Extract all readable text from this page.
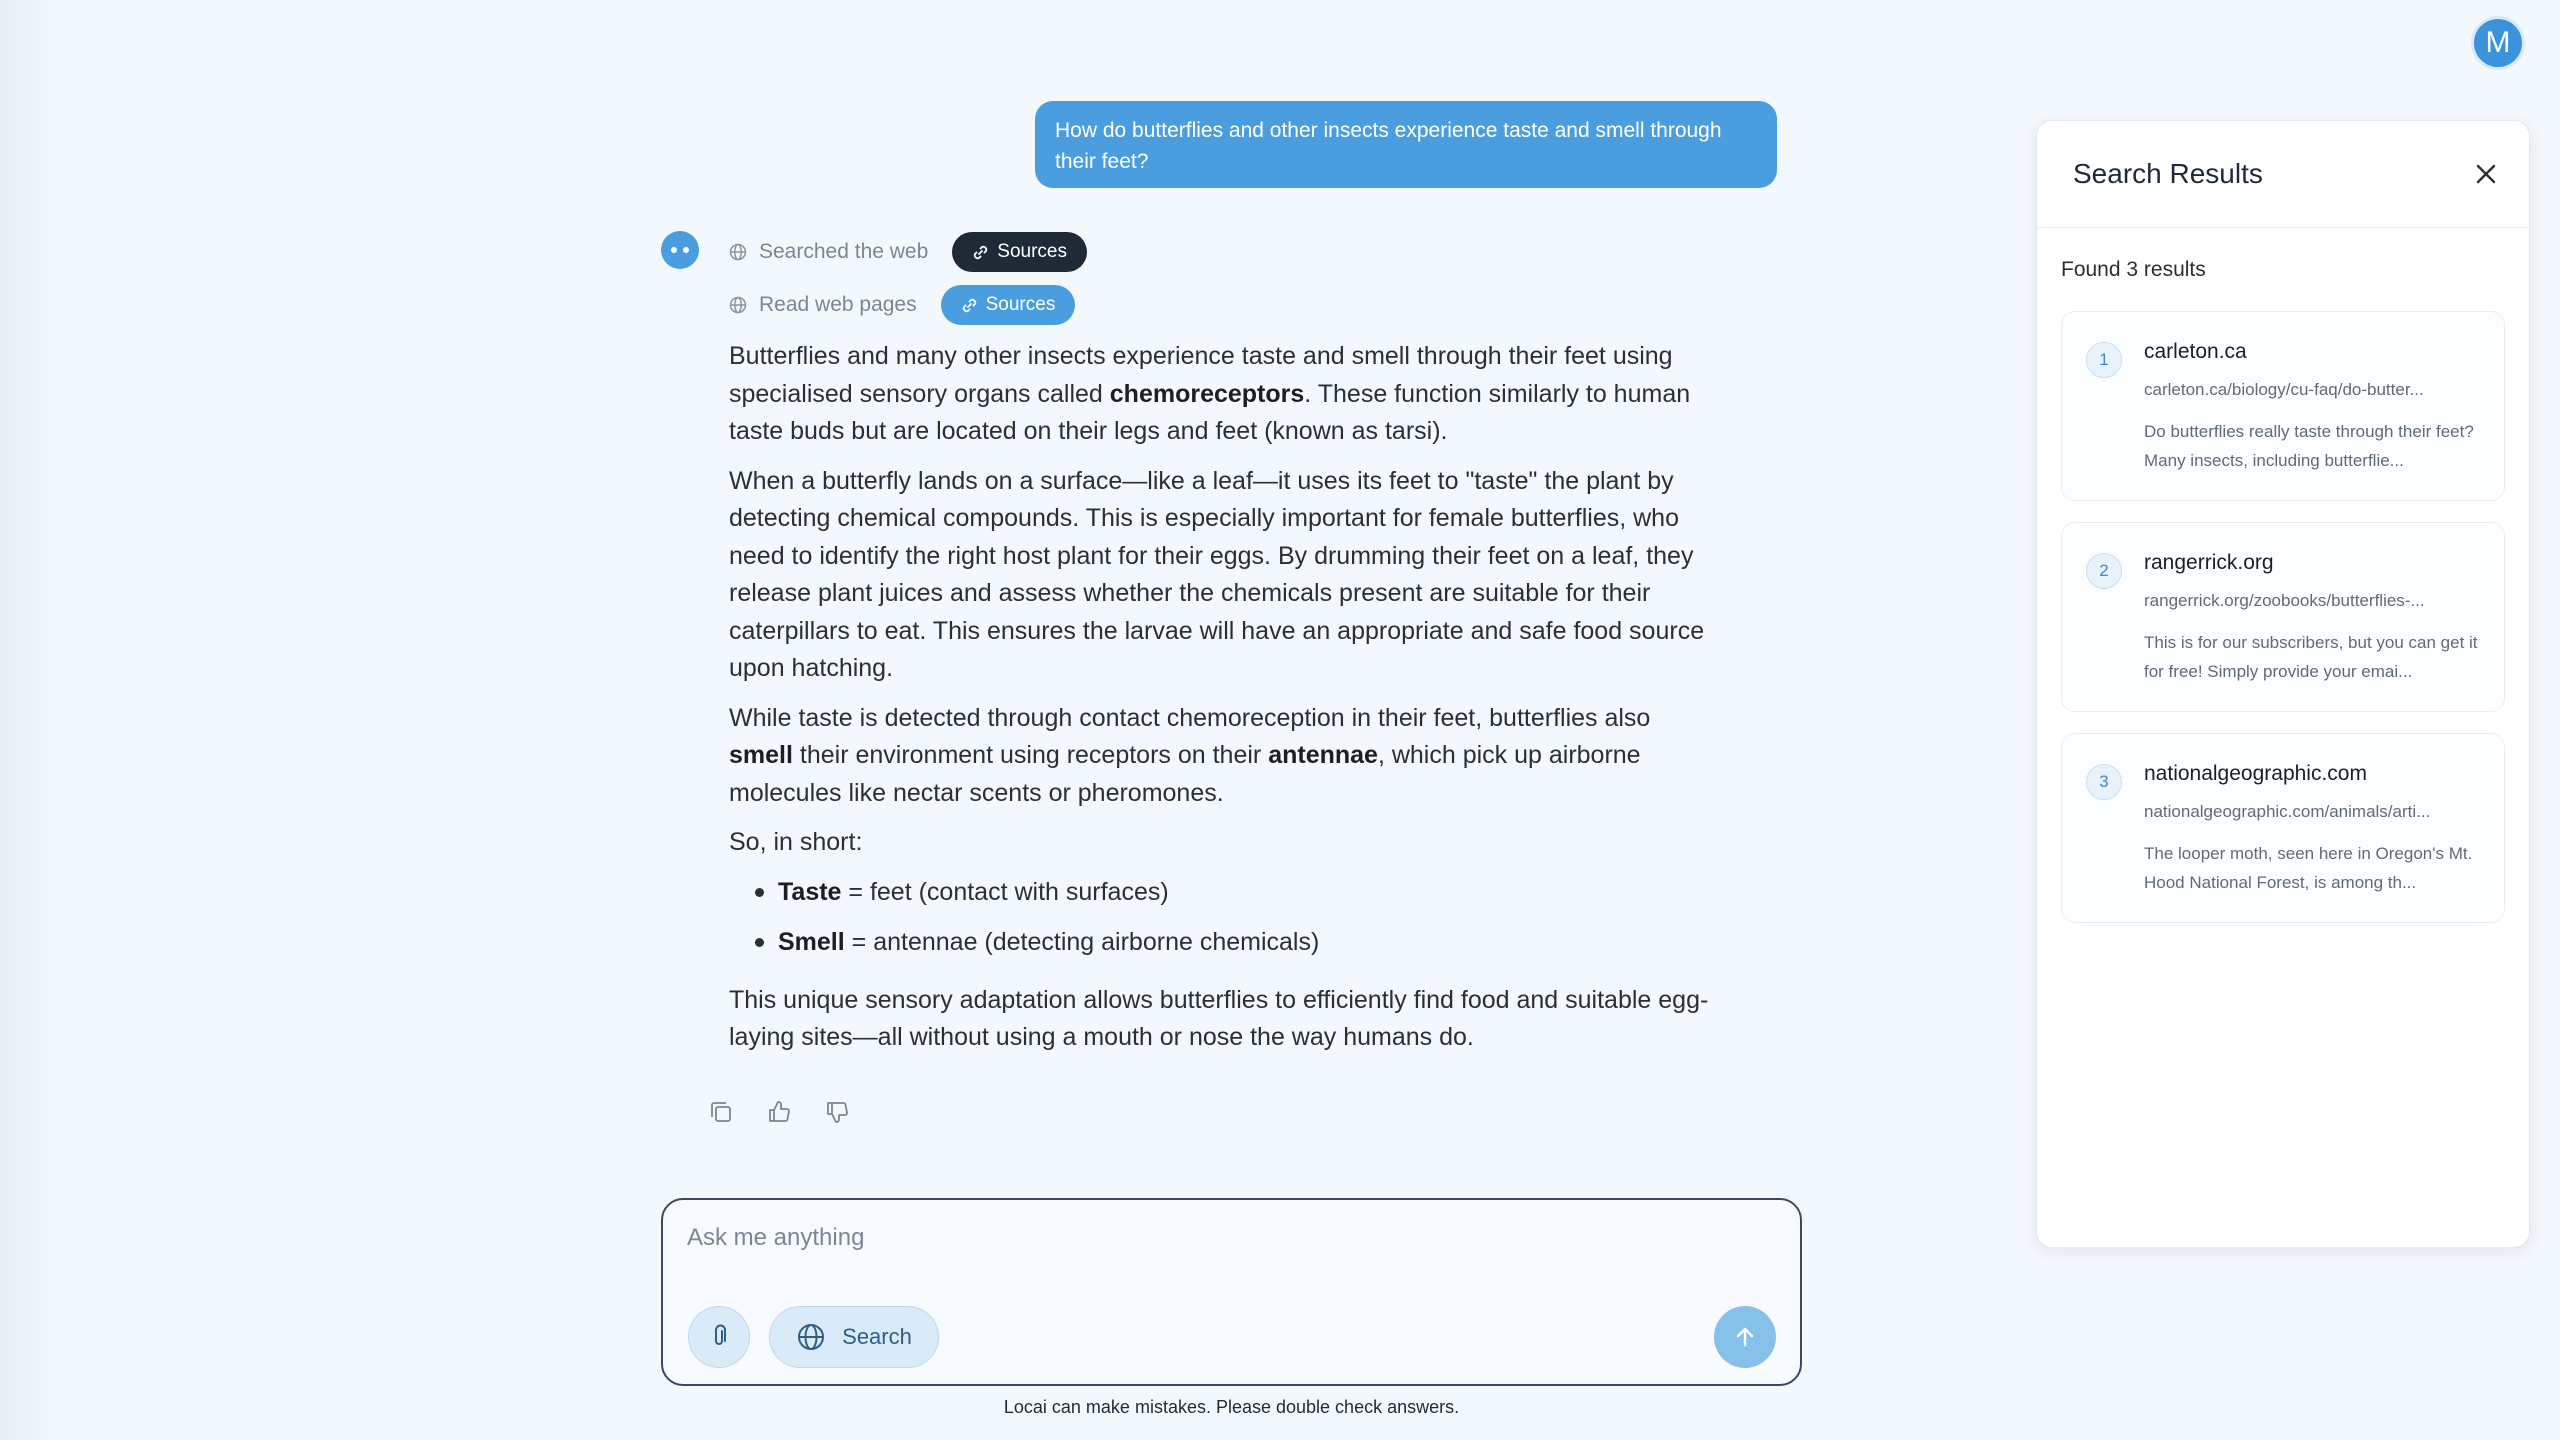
M
How do butterflies and other insects experience taste and smell through their feet?
Searched the web	Sources
Read web pages	Sources

Butterflies and many other insects experience taste and smell through their feet using specialised sensory organs called chemoreceptors. These function similarly to human taste buds but are located on their legs and feet (known as tarsi).

When a butterfly lands on a surface—like a leaf—it uses its feet to "taste" the plant by detecting chemical compounds. This is especially important for female butterflies, who need to identify the right host plant for their eggs. By drumming their feet on a leaf, they release plant juices and assess whether the chemicals present are suitable for their caterpillars to eat. This ensures the larvae will have an appropriate and safe food source upon hatching.

While taste is detected through contact chemoreception in their feet, butterflies also smell their environment using receptors on their antennae, which pick up airborne molecules like nectar scents or pheromones.

So, in short:

Taste = feet (contact with surfaces)
Smell = antennae (detecting airborne chemicals)

This unique sensory adaptation allows butterflies to efficiently find food and suitable egg-laying sites—all without using a mouth or nose the way humans do.

Ask me anything
Search
Locai can make mistakes. Please double check answers.
Search Results
Found 3 results
1	carleton.ca
carleton.ca/biology/cu-faq/do-butter...
Do butterflies really taste through their feet? Many insects, including butterflie...
2	rangerrick.org
rangerrick.org/zoobooks/butterflies-...
This is for our subscribers, but you can get it for free! Simply provide your emai...
3	nationalgeographic.com
nationalgeographic.com/animals/arti...
The looper moth, seen here in Oregon's Mt. Hood National Forest, is among th...
